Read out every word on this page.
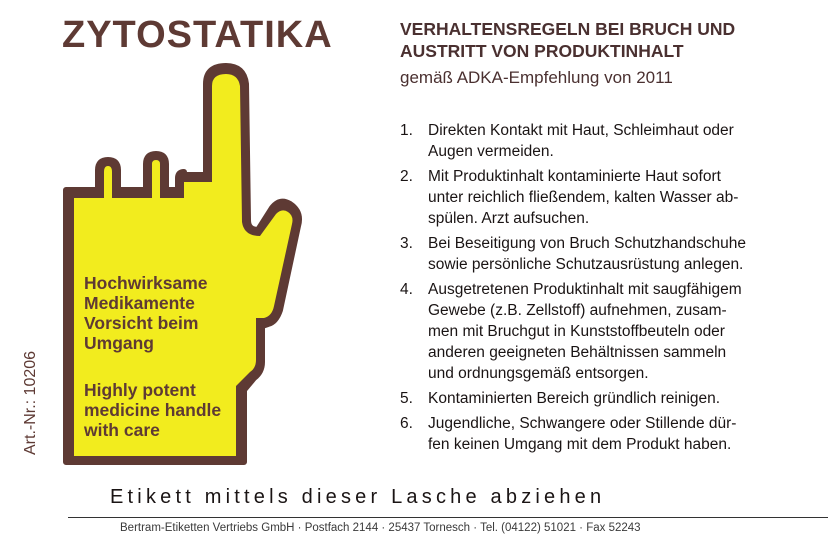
ZYTOSTATIKA
Hochwirksame
Medikamente
Vorsicht beim
Umgang
Highly potent
medicine handle
with care
Art.-Nr.: 10206
VERHALTENSREGELN BEI BRUCH UND
AUSTRITT VON PRODUKTINHALT
gemäß ADKA-Empfehlung von 2011
1. Direkten Kontakt mit Haut, Schleimhaut oder
Augen vermeiden.
2. Mit Produktinhalt kontaminierte Haut sofort
unter reichlich fließendem, kalten Wasser ab-
spülen. Arzt aufsuchen.
3. Bei Beseitigung von Bruch Schutzhandschuhe
sowie persönliche Schutzausrüstung anlegen.
4. Ausgetretenen Produktinhalt mit saugfähigem
Gewebe (z.B. Zellstoff) aufnehmen, zusam-
men mit Bruchgut in Kunststoffbeuteln oder
anderen geeigneten Behältnissen sammeln
und ordnungsgemäß entsorgen.
5. Kontaminierten Bereich gründlich reinigen.
6. Jugendliche, Schwangere oder Stillende dür-
fen keinen Umgang mit dem Produkt haben.
Etikett mittels dieser Lasche abziehen
Bertram-Etiketten Vertriebs GmbH · Postfach 2144 · 25437 Tornesch · Tel. (04122) 51021 · Fax 52243
